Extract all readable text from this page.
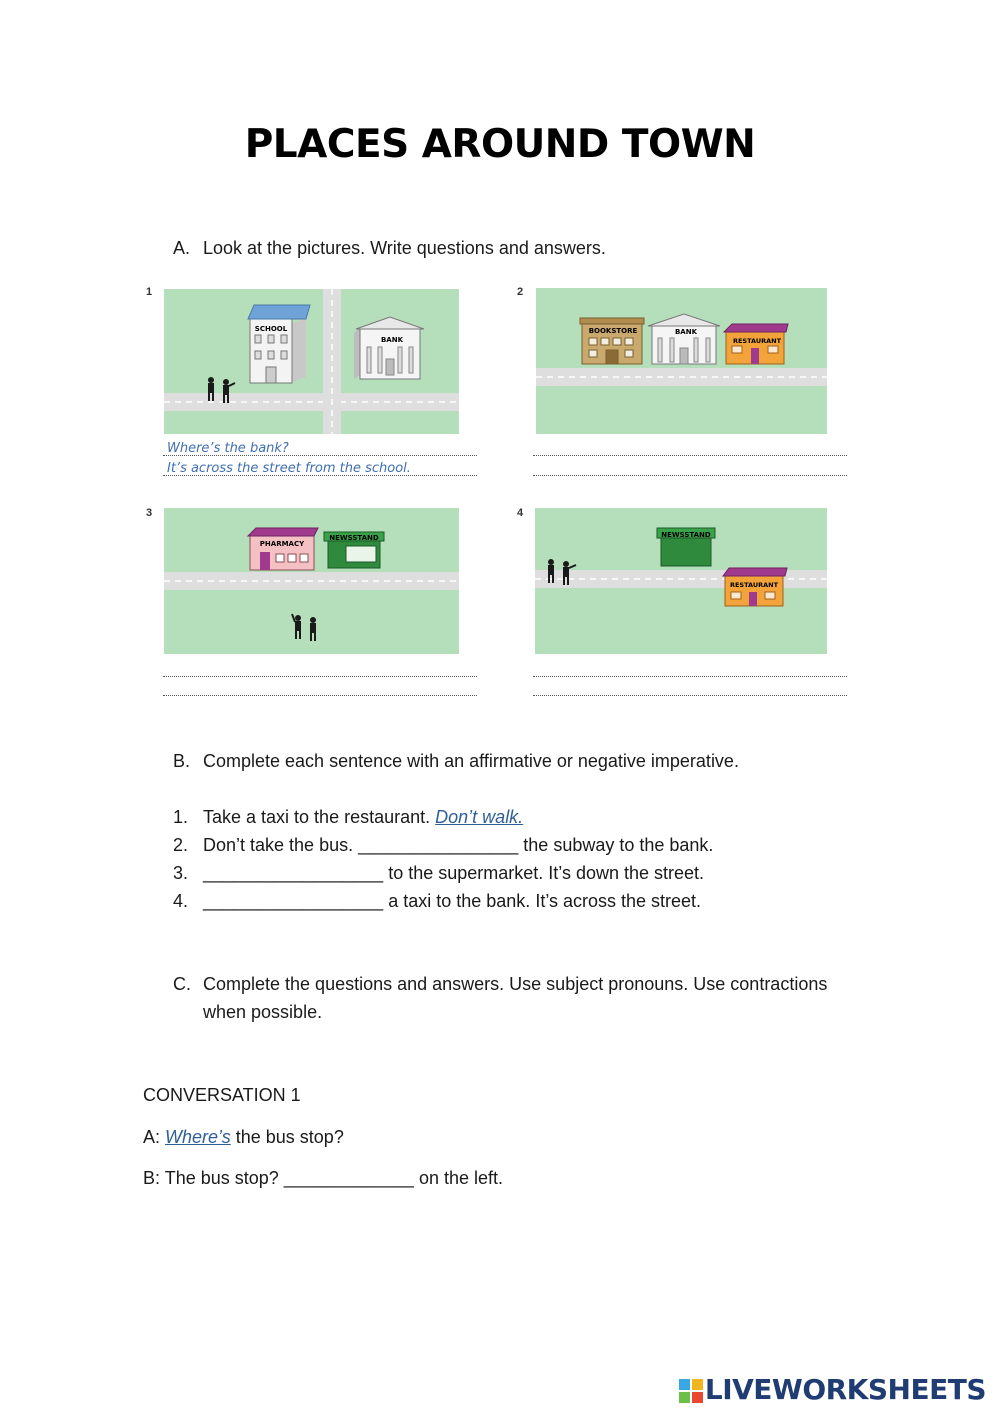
PLACES AROUND TOWN
A. Look at the pictures. Write questions and answers.
1
SCHOOL
BANK
Where’s the bank?
It’s across the street from the school.
2
BOOKSTORE	BANK
RESTAURANT
3
PHARMACY
NEWSSTAND
4
NEWSSTAND
RESTAURANT
B. Complete each sentence with an affirmative or negative imperative.
1. Take a taxi to the restaurant. Don’t walk.
2. Don’t take the bus. ________________ the subway to the bank.
3. __________________ to the supermarket. It’s down the street.
4. __________________ a taxi to the bank. It’s across the street.
C. Complete the questions and answers. Use subject pronouns. Use contractions when possible.
CONVERSATION 1
A: Where’s the bus stop?
B: The bus stop? _____________ on the left.
LIVEWORKSHEETS
